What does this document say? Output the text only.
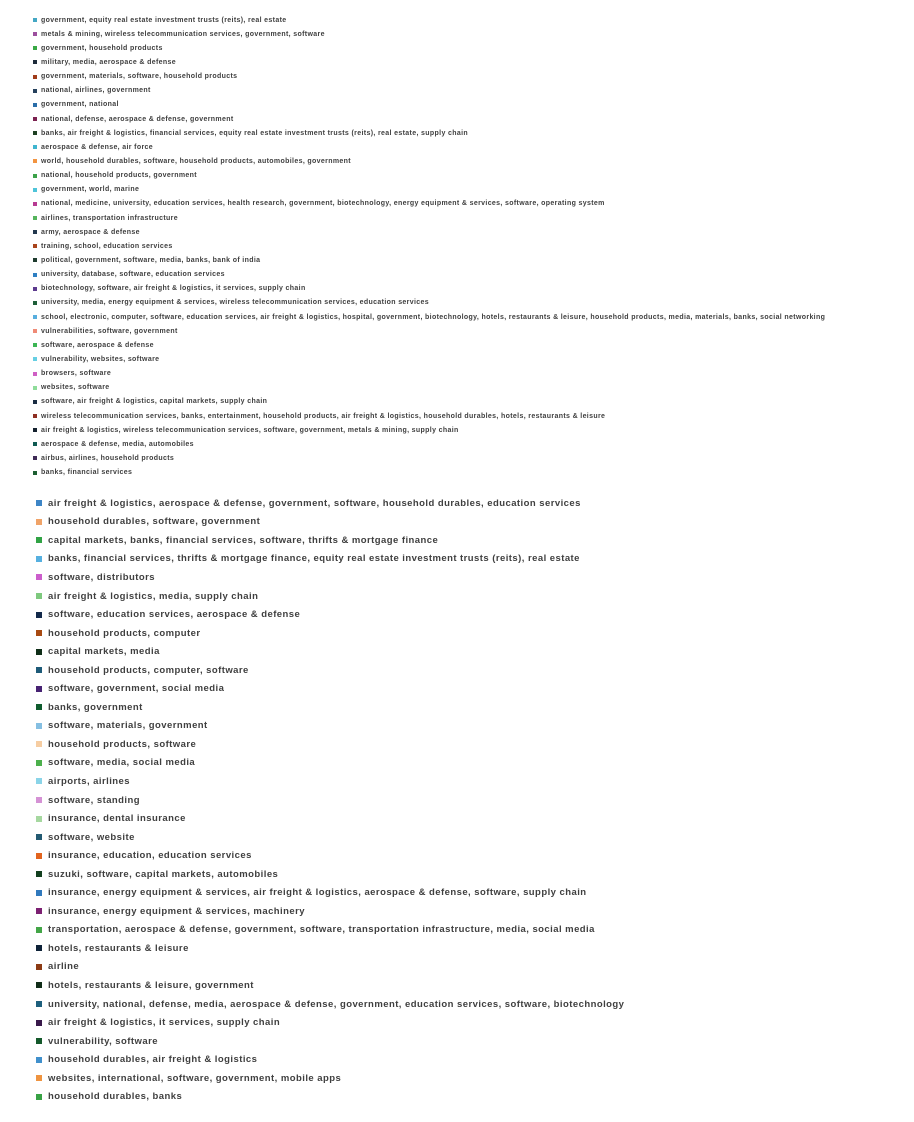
government, equity real estate investment trusts (reits), real estate
metals & mining, wireless telecommunication services, government, software
government, household products
military, media, aerospace & defense
government, materials, software, household products
national, airlines, government
government, national
national, defense, aerospace & defense, government
banks, air freight & logistics, financial services, equity real estate investment trusts (reits), real estate, supply chain
aerospace & defense, air force
world, household durables, software, household products, automobiles, government
national, household products, government
government, world, marine
national, medicine, university, education services, health research, government, biotechnology, energy equipment & services, software, operating system
airlines, transportation infrastructure
army, aerospace & defense
training, school, education services
political, government, software, media, banks, bank of india
university, database, software, education services
biotechnology, software, air freight & logistics, it services, supply chain
university, media, energy equipment & services, wireless telecommunication services, education services
school, electronic, computer, software, education services, air freight & logistics, hospital, government, biotechnology, hotels, restaurants & leisure, household products, media, materials, banks, social networking
vulnerabilities, software, government
software, aerospace & defense
vulnerability, websites, software
browsers, software
websites, software
software, air freight & logistics, capital markets, supply chain
wireless telecommunication services, banks, entertainment, household products, air freight & logistics, household durables, hotels, restaurants & leisure
air freight & logistics, wireless telecommunication services, software, government, metals & mining, supply chain
aerospace & defense, media, automobiles
airbus, airlines, household products
banks, financial services
air freight & logistics, aerospace & defense, government, software, household durables, education services
household durables, software, government
capital markets, banks, financial services, software, thrifts & mortgage finance
banks, financial services, thrifts & mortgage finance, equity real estate investment trusts (reits), real estate
software, distributors
air freight & logistics, media, supply chain
software, education services, aerospace & defense
household products, computer
capital markets, media
household products, computer, software
software, government, social media
banks, government
software, materials, government
household products, software
software, media, social media
airports, airlines
software, standing
insurance, dental insurance
software, website
insurance, education, education services
suzuki, software, capital markets, automobiles
insurance, energy equipment & services, air freight & logistics, aerospace & defense, software, supply chain
insurance, energy equipment & services, machinery
transportation, aerospace & defense, government, software, transportation infrastructure, media, social media
hotels, restaurants & leisure
airline
hotels, restaurants & leisure, government
university, national, defense, media, aerospace & defense, government, education services, software, biotechnology
air freight & logistics, it services, supply chain
vulnerability, software
household durables, air freight & logistics
websites, international, software, government, mobile apps
household durables, banks
